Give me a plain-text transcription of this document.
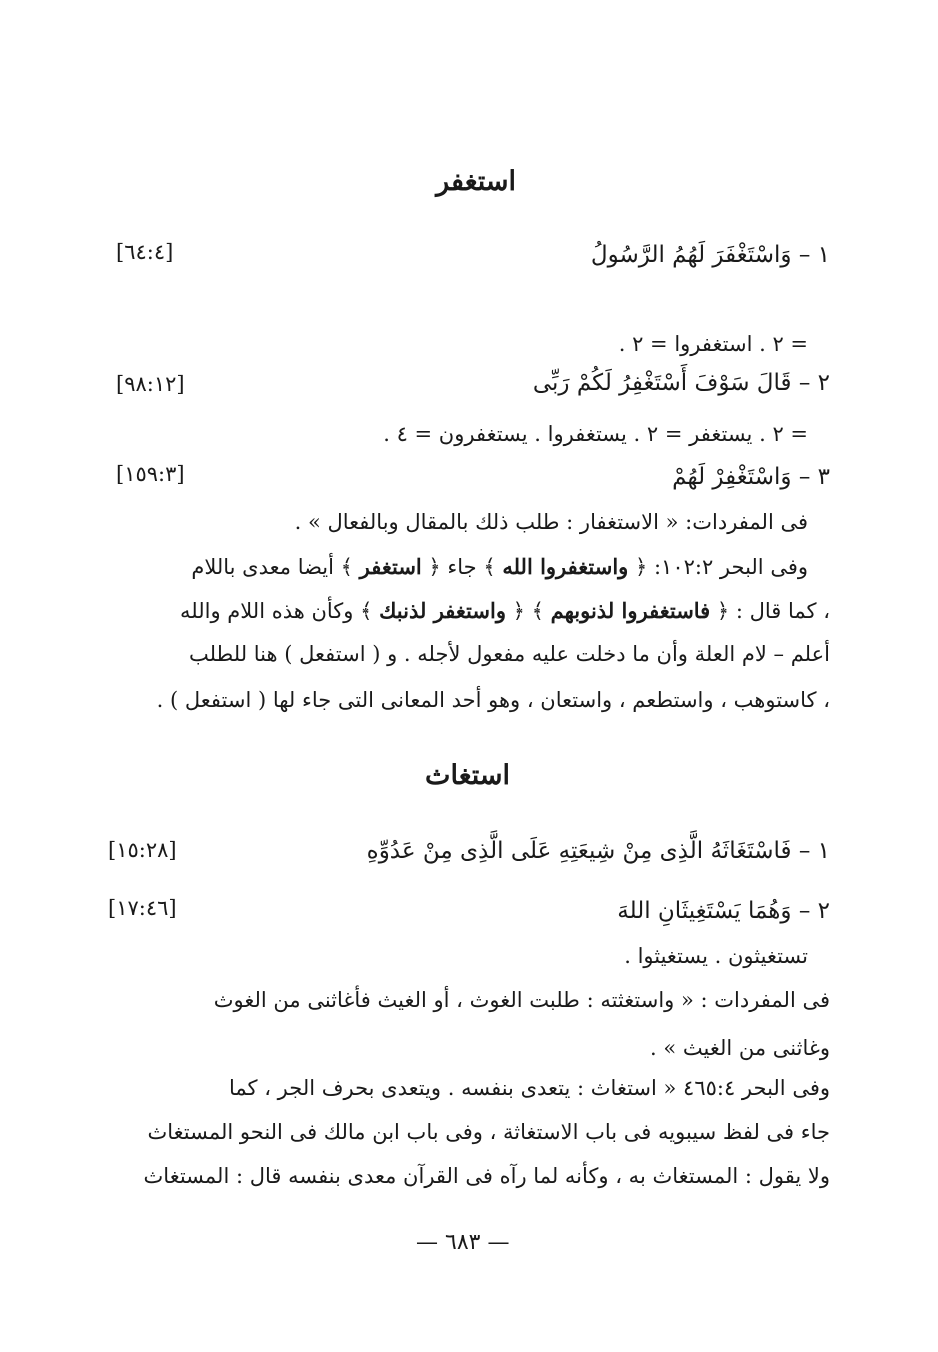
استغفر
١ – وَاسْتَغْفَرَ لَهُمُ الرَّسُولُ
[٦٤:٤]
= ٢ . استغفروا = ٢ .
٢ – قَالَ سَوْفَ أَسْتَغْفِرُ لَكُمْ رَبِّى
[٩٨:١٢]
= ٢ . يستغفر = ٢ . يستغفروا . يستغفرون = ٤ .
٣ – وَاسْتَغْفِرْ لَهُمْ
[١٥٩:٣]
فى المفردات: « الاستغفار : طلب ذلك بالمقال وبالفعال » .
وفى البحر ١٠٢:٢: ﴿ واستغفروا الله ﴾ جاء ﴿ استغفر ﴾ أيضا معدى باللام
، كما قال : ﴿ فاستغفروا لذنوبهم ﴾ ﴿ واستغفر لذنبك ﴾ وكأن هذه اللام والله
أعلم – لام العلة وأن ما دخلت عليه مفعول لأجله . و ( استفعل ) هنا للطلب
، كاستوهب ، واستطعم ، واستعان ، وهو أحد المعانى التى جاء لها ( استفعل ) .
استغاث
١ – فَاسْتَغَاثَهُ الَّذِى مِنْ شِيعَتِهِ عَلَى الَّذِى مِنْ عَدُوِّهِ
[١٥:٢٨]
٢ – وَهُمَا يَسْتَغِيثَانِ اللهَ
[١٧:٤٦]
تستغيثون . يستغيثوا .
فى المفردات : « واستغثته : طلبت الغوث ، أو الغيث فأغاثنى من الغوث
وغاثنى من الغيث » .
وفى البحر ٤٦٥:٤ « استغاث : يتعدى بنفسه . ويتعدى بحرف الجر ، كما
جاء فى لفظ سيبويه فى باب الاستغاثة ، وفى باب ابن مالك فى النحو المستغاث
ولا يقول : المستغاث به ، وكأنه لما رآه فى القرآن معدى بنفسه قال : المستغاث
— ٦٨٣ —
